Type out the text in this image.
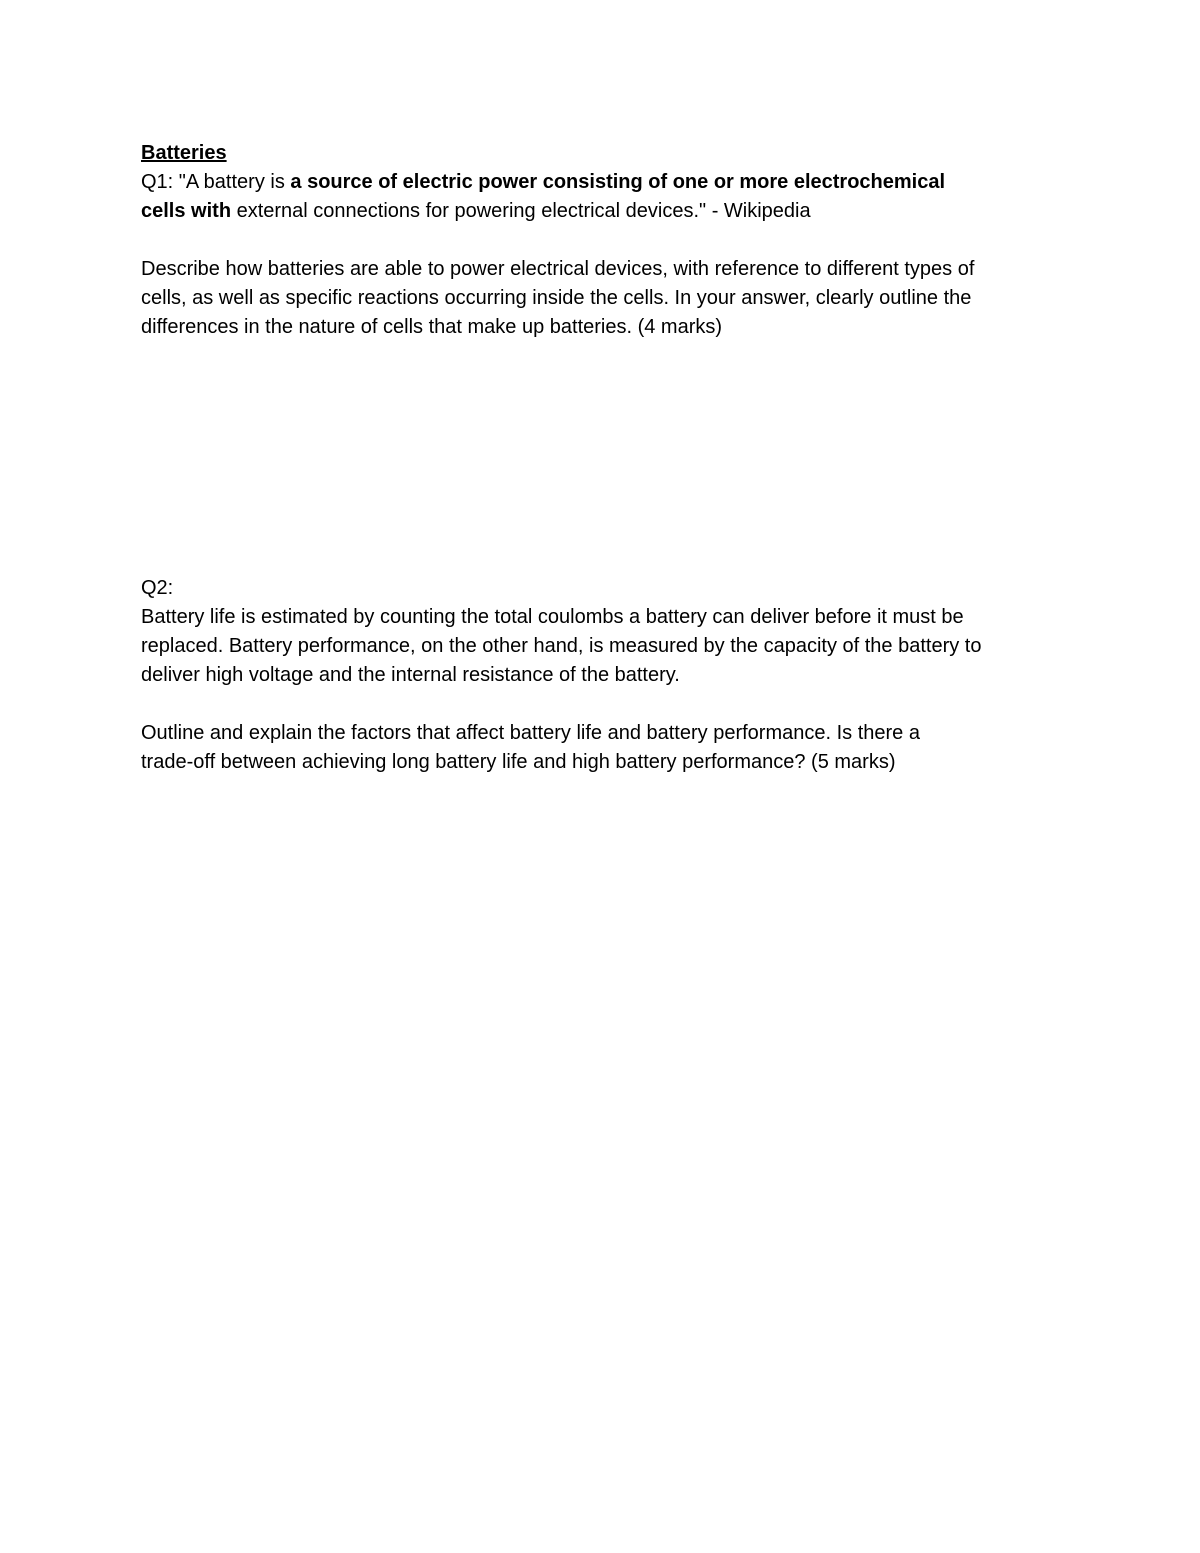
Batteries
Q1: "A battery is a source of electric power consisting of one or more electrochemical
cells with external connections for powering electrical devices." - Wikipedia
Describe how batteries are able to power electrical devices, with reference to different types of
cells, as well as specific reactions occurring inside the cells. In your answer, clearly outline the
differences in the nature of cells that make up batteries. (4 marks)
Q2:
Battery life is estimated by counting the total coulombs a battery can deliver before it must be
replaced. Battery performance, on the other hand, is measured by the capacity of the battery to
deliver high voltage and the internal resistance of the battery.
Outline and explain the factors that affect battery life and battery performance. Is there a
trade-off between achieving long battery life and high battery performance? (5 marks)
